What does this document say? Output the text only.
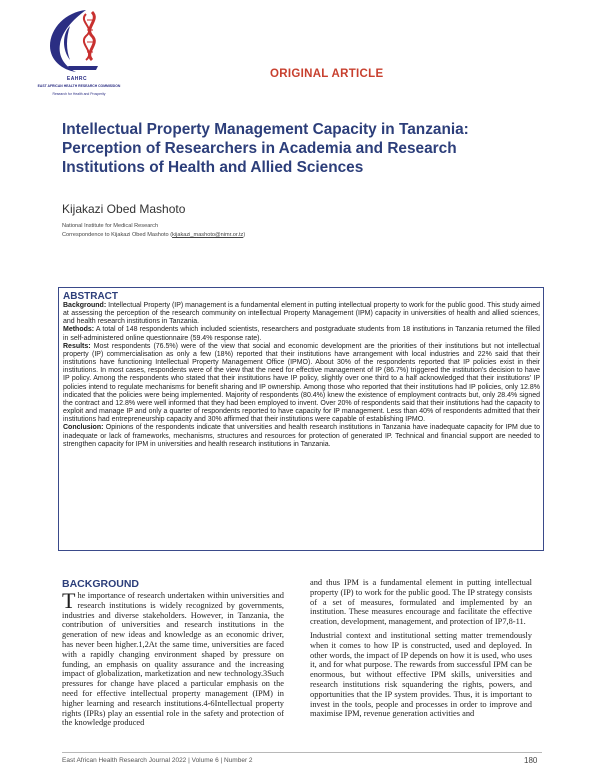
EAHRC
EAST AFRICAN HEALTH RESEARCH COMMISSION
Research for Health and Prosperity
ORIGINAL ARTICLE
Intellectual Property Management Capacity in Tanzania: Perception of Researchers in Academia and Research Institutions of Health and Allied Sciences
Kijakazi Obed Mashoto
National Institute for Medical Research
Correspondence to Kijakazi Obed Mashoto (kijakazi_mashoto@nimr.or.tz)
ABSTRACT

Background: Intellectual Property (IP) management is a fundamental element in putting intellectual property to work for the public good. This study aimed at assessing the perception of the research community on intellectual Property Management (IPM) capacity in universities of health and allied sciences, and health research institutions in Tanzania.

Methods: A total of 148 respondents which included scientists, researchers and postgraduate students from 18 institutions in Tanzania returned the filled in self-administered online questionnaire (59.4% response rate).

Results: Most respondents (76.5%) were of the view that social and economic development are the priorities of their institutions but not intellectual property (IP) commercialisation as only a few (18%) reported that their institutions have arrangement with local industries and 22% said that their institutions have functioning Intellectual Property Management Office (IPMO). About 30% of the respondents reported that IP policies exist in their institutions. In most cases, respondents were of the view that the need for effective management of IP (86.7%) triggered the institution's decision to have IP policy. Among the respondents who stated that their institutions have IP policy, slightly over one third to a half acknowledged that their institutions' IP policies intend to regulate mechanisms for benefit sharing and IP ownership. Among those who reported that their institutions had IP policies, only 12.8% indicated that the policies were being implemented. Majority of respondents (80.4%) knew the existence of employment contracts but, only 28.4% signed the contract and 12.8% were well informed that they had been employed to invent. Over 20% of respondents said that their institutions had the capacity to exploit and manage IP and only a quarter of respondents reported to have capacity for IP management. Less than 40% of respondents admitted that their institutions had entrepreneurship capacity and 30% affirmed that their institutions were capable of establishing IPMO.

Conclusion: Opinions of the respondents indicate that universities and health research institutions in Tanzania have inadequate capacity for IPM due to inadequate or lack of frameworks, mechanisms, structures and resources for protection of generated IP. Technical and financial support are needed to strengthen capacity for IPM in universities and health research institutions in Tanzania.

BACKGROUND

The importance of research undertaken within universities and research institutions is widely recognized by governments, industries and diverse stakeholders. However, in Tanzania, the contribution of universities and research institutions in the generation of new ideas and knowledge as an economic driver, has never been higher.1,2At the same time, universities are faced with a rapidly changing environment shaped by pressure on funding, an emphasis on quality assurance and the increasing impact of globalization, marketization and new technology.3Such pressures for change have placed a particular emphasis on the need for effective intellectual property management (IPM) in higher learning and research institutions.4-6Intellectual property rights (IPRs) play an essential role in the safety and protection of the knowledge produced

and thus IPM is a fundamental element in putting intellectual property (IP) to work for the public good. The IP strategy consists of a set of measures, formulated and implemented by an institution. These measures encourage and facilitate the effective creation, development, management, and protection of IP7,8-11.

Industrial context and institutional setting matter tremendously when it comes to how IP is constructed, used and deployed. In other words, the impact of IP depends on how it is used, who uses it, and for what purpose. The rewards from successful IPM can be enormous, but without effective IPM skills, universities and research institutions risk squandering the rights, powers, and opportunities that the IP system provides. Thus, it is important to invest in the tools, people and processes in order to improve and maximise IPM, revenue generation activities and

East African Health Research Journal 2022 | Volume 6 | Number 2	180
